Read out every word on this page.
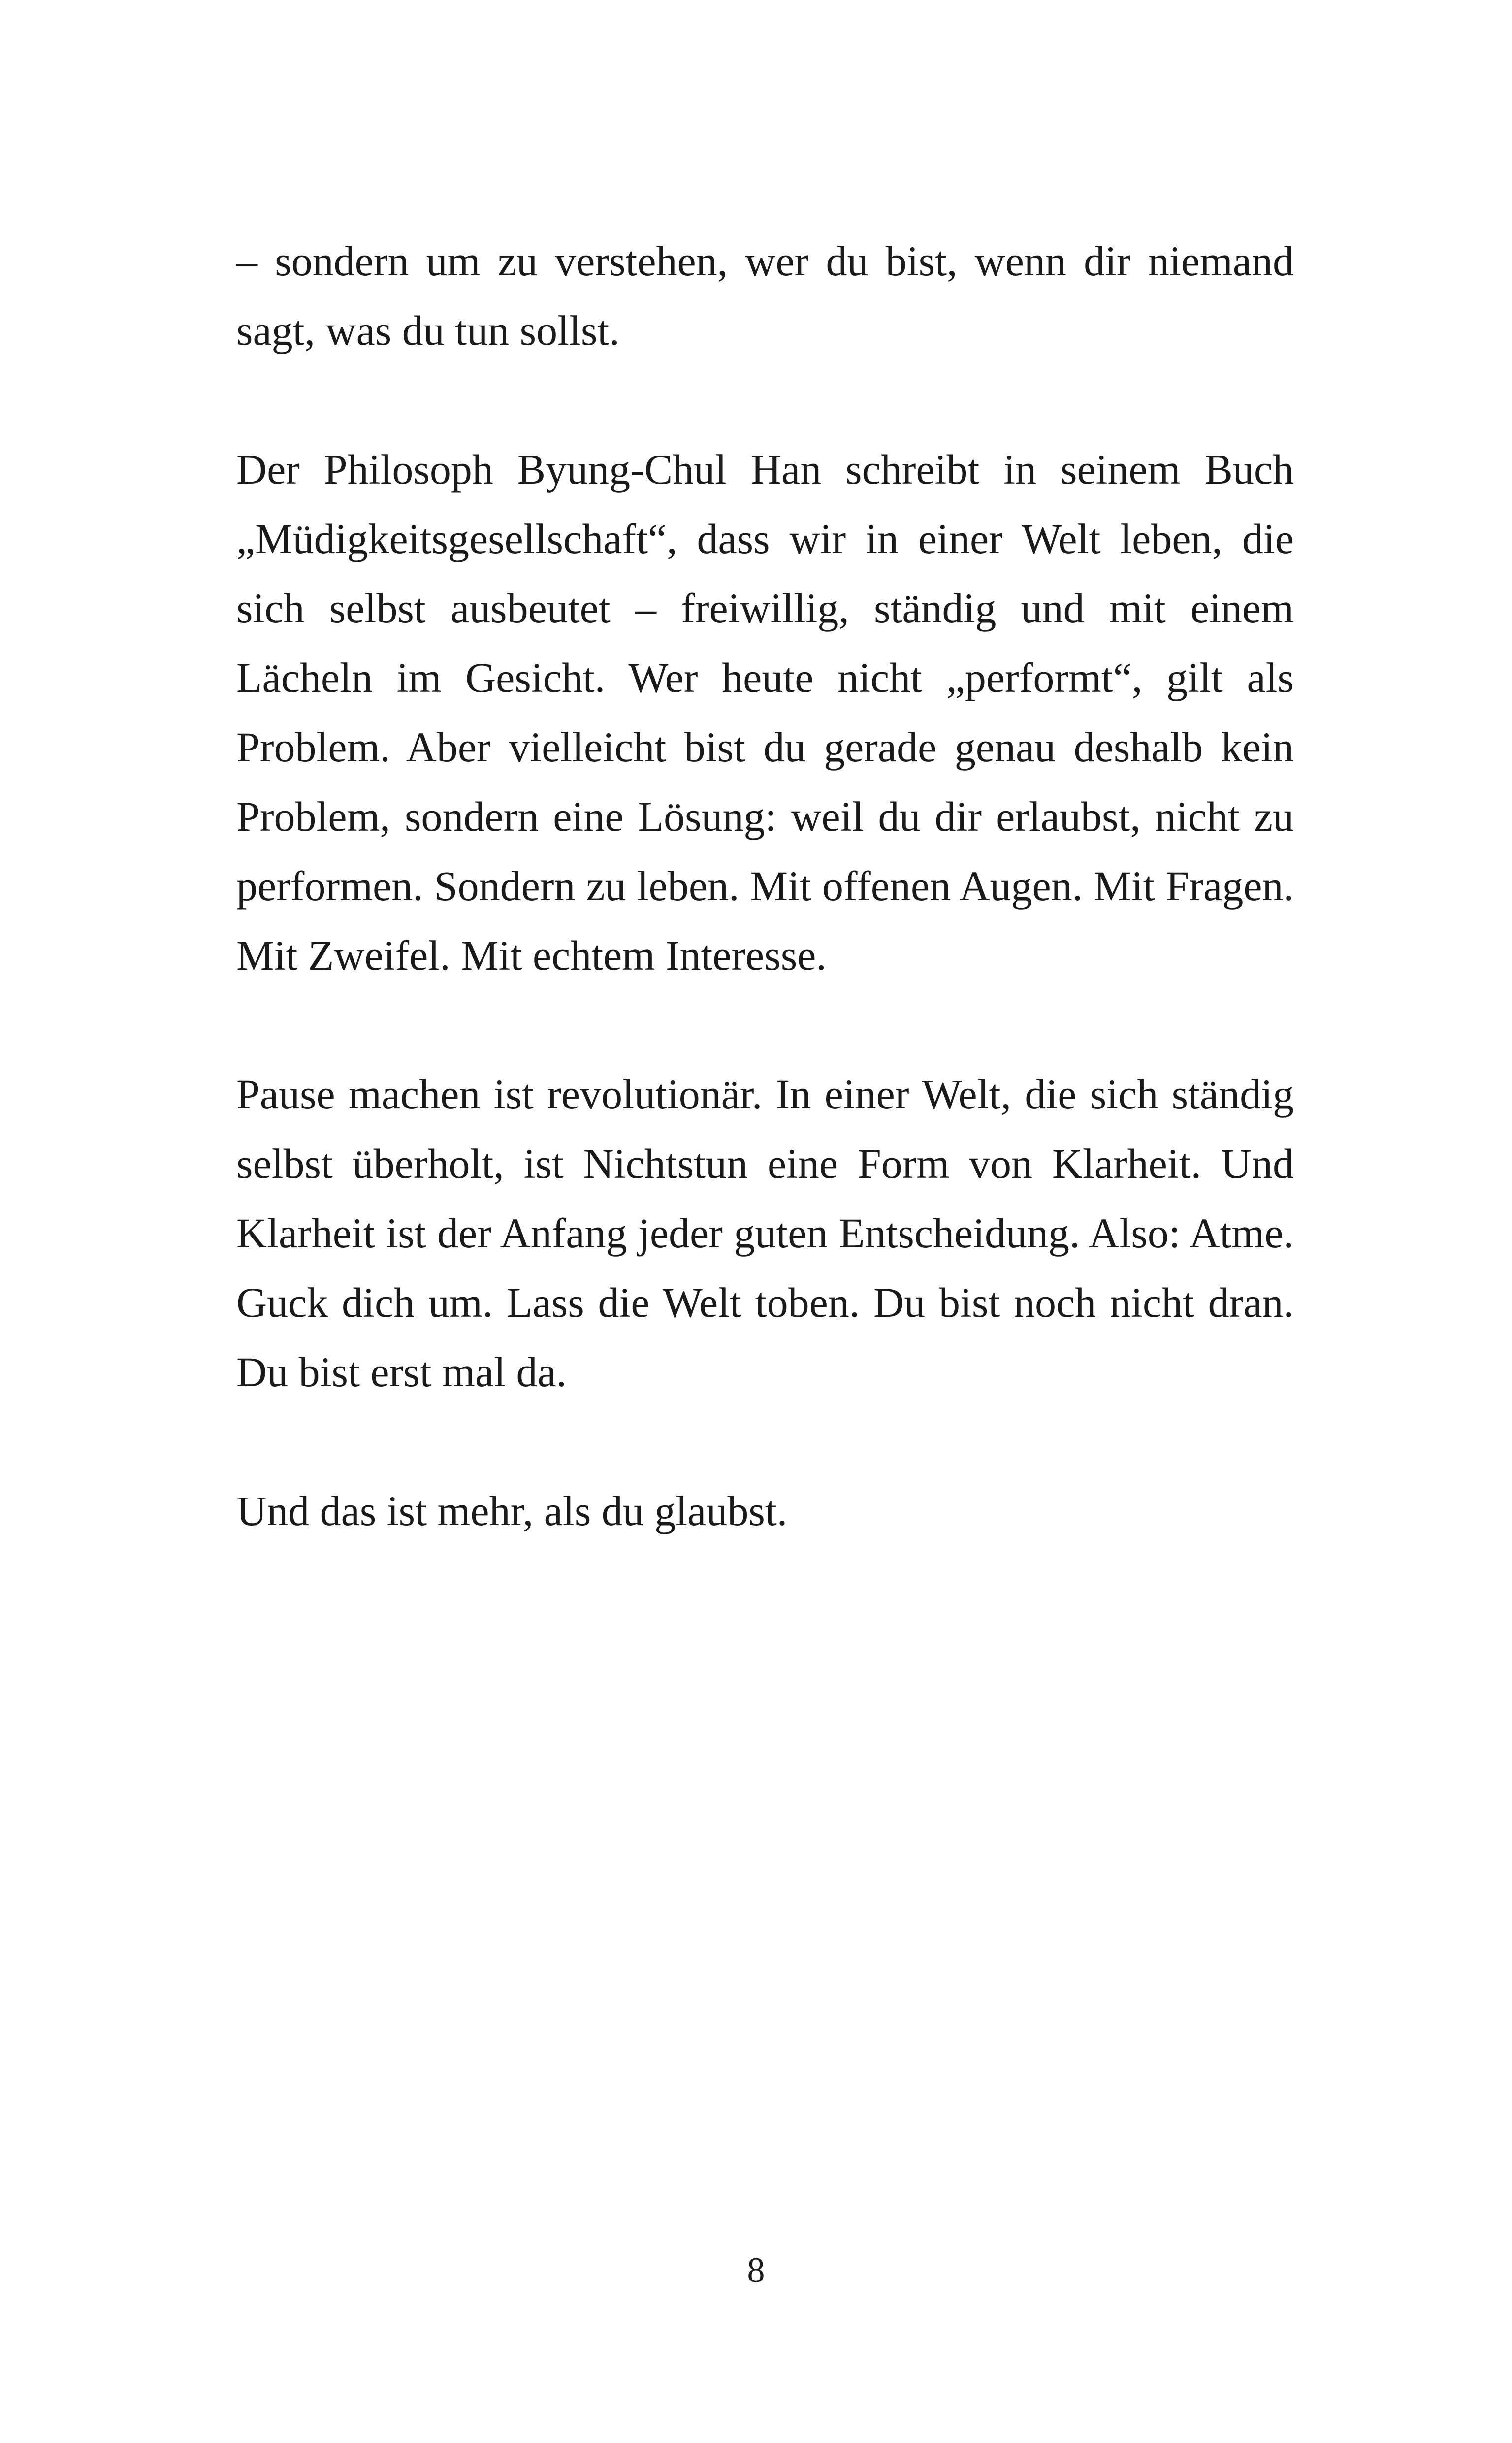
– sondern um zu verstehen, wer du bist, wenn dir niemand sagt, was du tun sollst.

Der Philosoph Byung-Chul Han schreibt in seinem Buch „Müdigkeitsgesellschaft“, dass wir in einer Welt leben, die sich selbst ausbeutet – freiwillig, ständig und mit einem Lächeln im Gesicht. Wer heute nicht „performt“, gilt als Problem. Aber vielleicht bist du gerade genau deshalb kein Problem, sondern eine Lösung: weil du dir erlaubst, nicht zu performen. Sondern zu leben. Mit offenen Augen. Mit Fragen. Mit Zweifel. Mit echtem Interesse.

Pause machen ist revolutionär. In einer Welt, die sich ständig selbst überholt, ist Nichtstun eine Form von Klarheit. Und Klarheit ist der Anfang jeder guten Entscheidung. Also: Atme. Guck dich um. Lass die Welt toben. Du bist noch nicht dran. Du bist erst mal da.

Und das ist mehr, als du glaubst.

8
